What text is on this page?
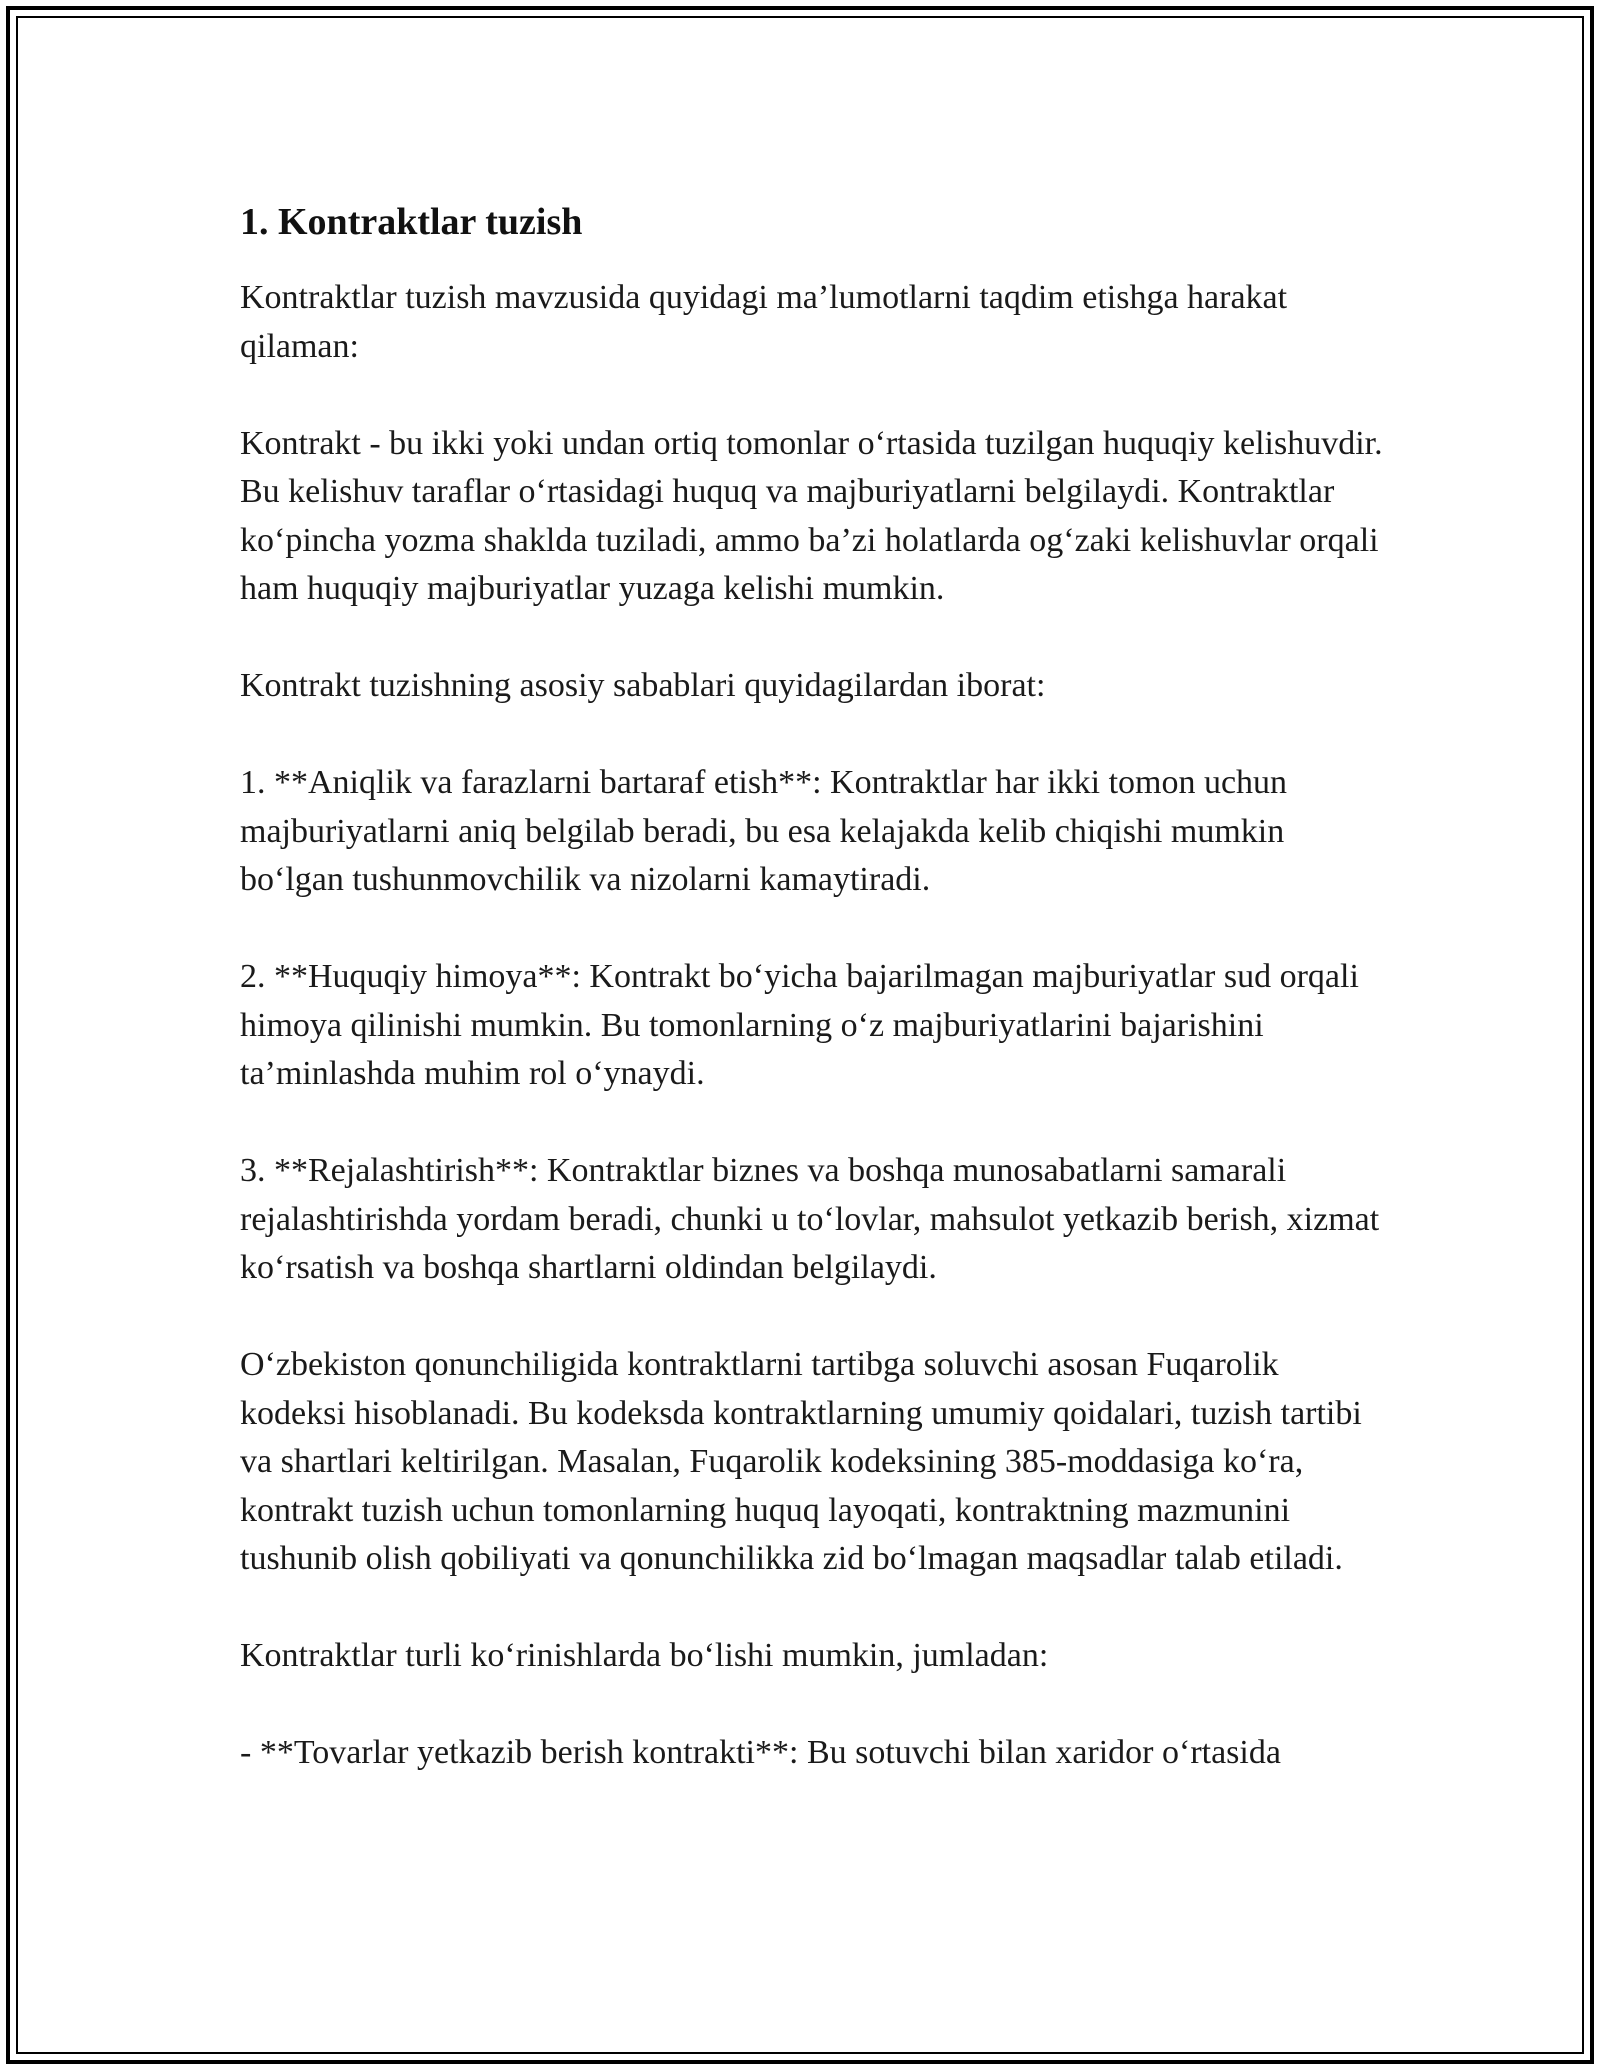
1. Kontraktlar tuzish

Kontraktlar tuzish mavzusida quyidagi ma’lumotlarni taqdim etishga harakat qilaman:

Kontrakt - bu ikki yoki undan ortiq tomonlar o‘rtasida tuzilgan huquqiy kelishuvdir. Bu kelishuv taraflar o‘rtasidagi huquq va majburiyatlarni belgilaydi. Kontraktlar ko‘pincha yozma shaklda tuziladi, ammo ba’zi holatlarda og‘zaki kelishuvlar orqali ham huquqiy majburiyatlar yuzaga kelishi mumkin.

Kontrakt tuzishning asosiy sabablari quyidagilardan iborat:

1. **Aniqlik va farazlarni bartaraf etish**: Kontraktlar har ikki tomon uchun majburiyatlarni aniq belgilab beradi, bu esa kelajakda kelib chiqishi mumkin bo‘lgan tushunmovchilik va nizolarni kamaytiradi.

2. **Huquqiy himoya**: Kontrakt bo‘yicha bajarilmagan majburiyatlar sud orqali himoya qilinishi mumkin. Bu tomonlarning o‘z majburiyatlarini bajarishini ta’minlashda muhim rol o‘ynaydi.

3. **Rejalashtirish**: Kontraktlar biznes va boshqa munosabatlarni samarali rejalashtirishda yordam beradi, chunki u to‘lovlar, mahsulot yetkazib berish, xizmat ko‘rsatish va boshqa shartlarni oldindan belgilaydi.

O‘zbekiston qonunchiligida kontraktlarni tartibga soluvchi asosan Fuqarolik kodeksi hisoblanadi. Bu kodeksda kontraktlarning umumiy qoidalari, tuzish tartibi va shartlari keltirilgan. Masalan, Fuqarolik kodeksining 385-moddasiga ko‘ra, kontrakt tuzish uchun tomonlarning huquq layoqati, kontraktning mazmunini tushunib olish qobiliyati va qonunchilikka zid bo‘lmagan maqsadlar talab etiladi.

Kontraktlar turli ko‘rinishlarda bo‘lishi mumkin, jumladan:

- **Tovarlar yetkazib berish kontrakti**: Bu sotuvchi bilan xaridor o‘rtasida
